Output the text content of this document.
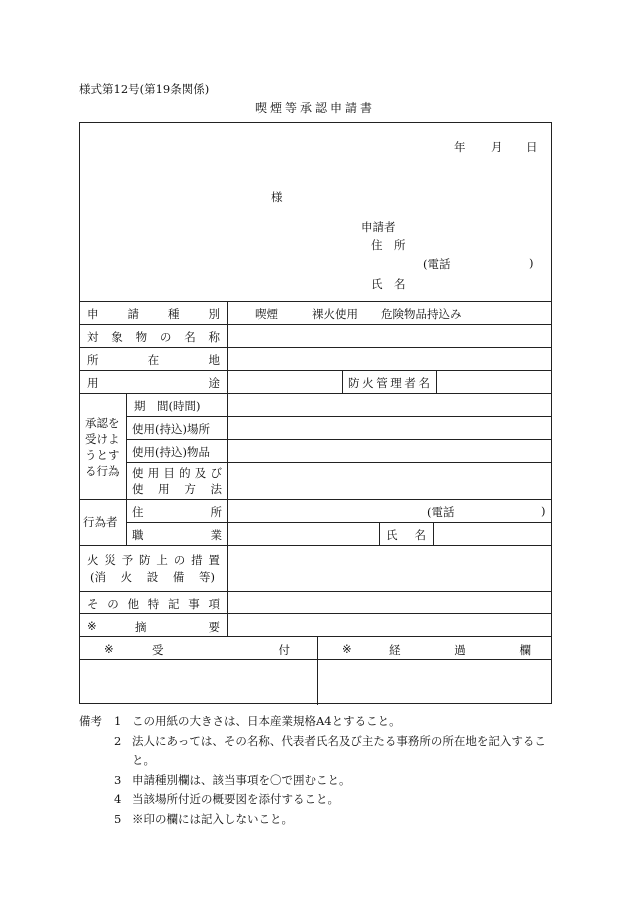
様式第12号(第19条関係)
喫煙等承認申請書
年 月 日
様
申請者
住　所
(電話	)
氏　名
申	請	種	別	喫煙	裸火使用 危険物品持込み
対 象 物 の 名 称
所	在	地
用	途	防 火 管 理 者 名
承認を
受けよ
うとす
る行為
期　間(時間)
使用(持込)場所
使用(持込)物品
使 用 目 的 及 び
使 用 方 法
行為者
住	所	(電話	)
職	業	氏 名
火 災 予 防 上 の 措 置
(消 火 設 備 等)
そ の 他 特 記 事 項
※	摘	要
※	受	付	※	経	過	欄
備考	1 この用紙の大きさは、日本産業規格A4とすること。
2 法人にあっては、その名称、代表者氏名及び主たる事務所の所在地を記入すること。
3 申請種別欄は、該当事項を〇で囲むこと。
4 当該場所付近の概要図を添付すること。
5 ※印の欄には記入しないこと。
